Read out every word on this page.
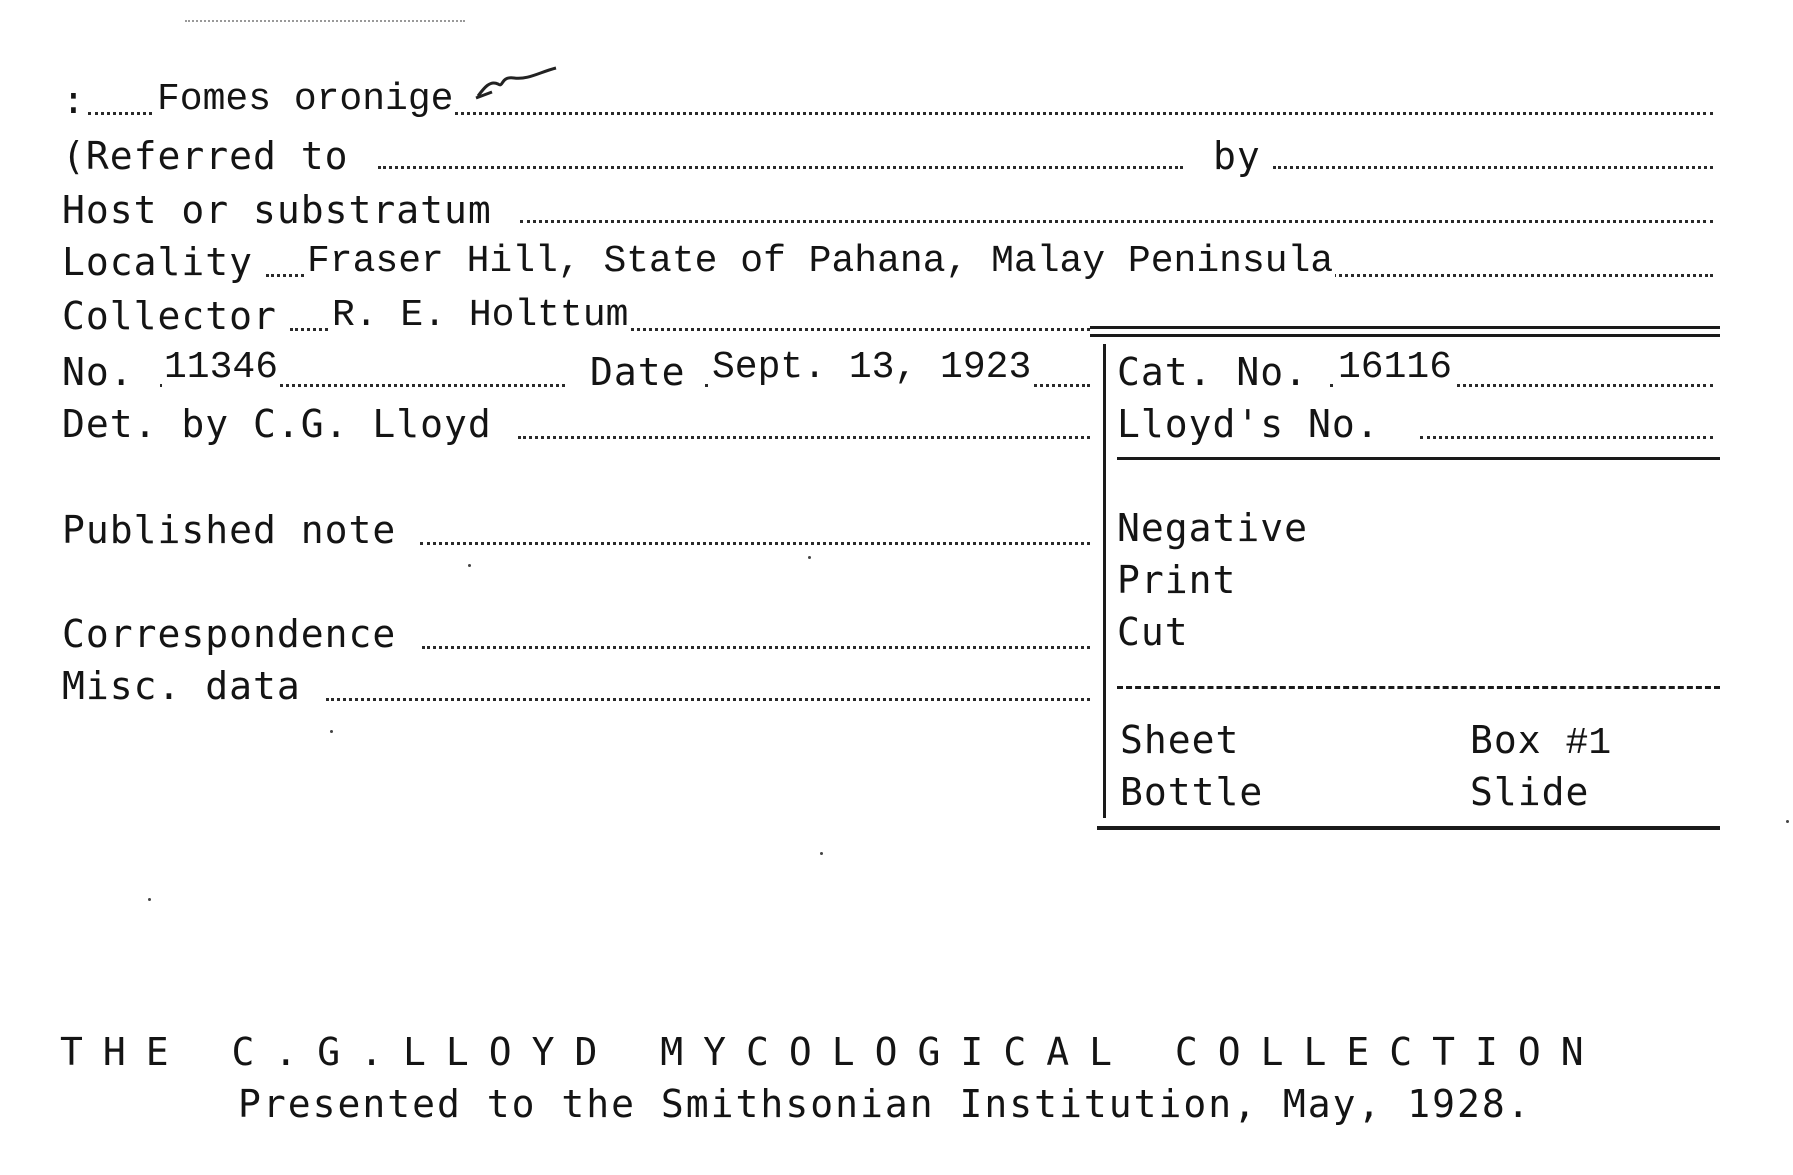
: Fomes oronige
(Referred to	by
Host or substratum
Locality Fraser Hill, State of Pahana, Malay Peninsula
Collector R. E. Holttum
No. 11346	Date Sept. 13, 1923
Det. by C.G. Lloyd
Published note
Correspondence
Misc. data
Cat. No. 16116
Lloyd's No.
Negative
Print
Cut
Sheet	Box #1
Bottle	Slide
THE C.G.LLOYD MYCOLOGICAL COLLECTION
Presented to the Smithsonian Institution, May, 1928.
